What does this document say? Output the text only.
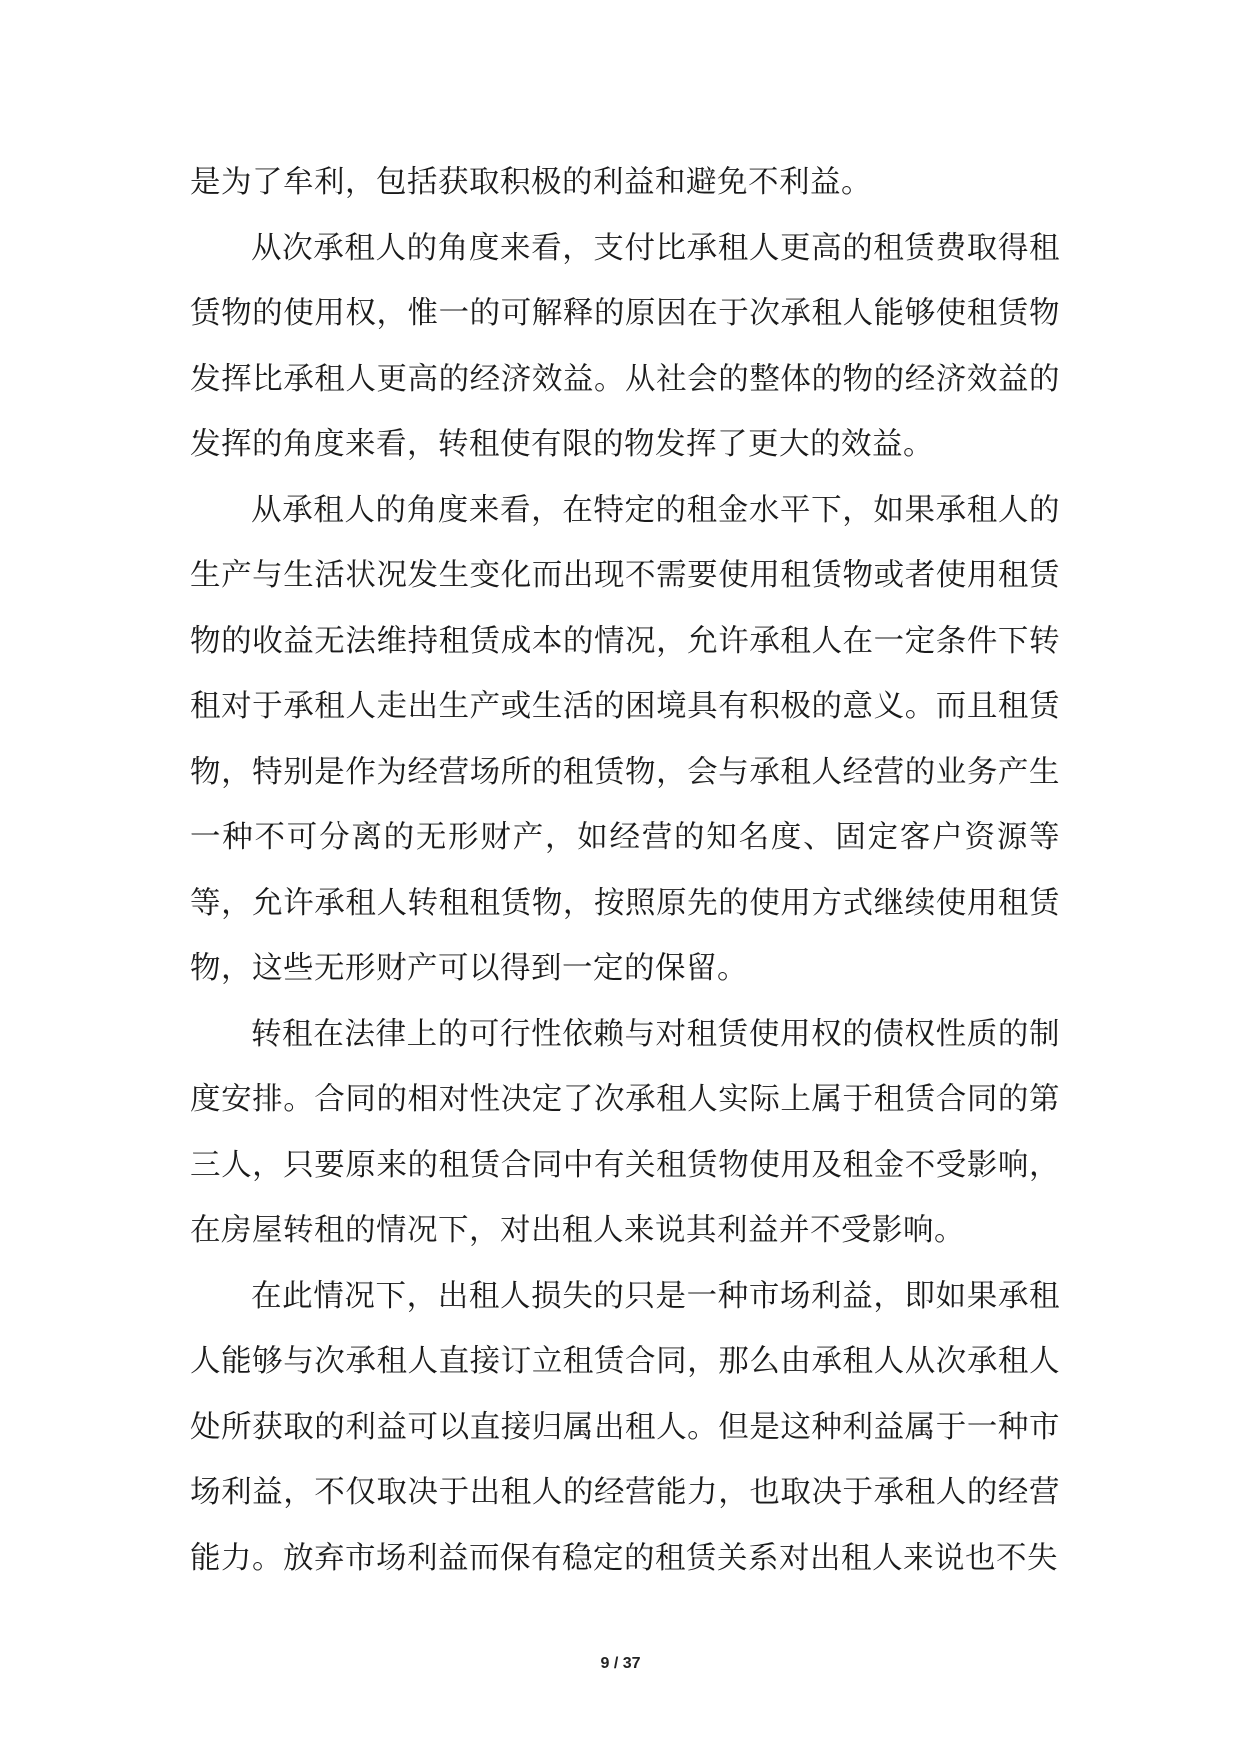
是为了牟利，包括获取积极的利益和避免不利益。

从次承租人的角度来看，支付比承租人更高的租赁费取得租赁物的使用权，惟一的可解释的原因在于次承租人能够使租赁物发挥比承租人更高的经济效益。从社会的整体的物的经济效益的发挥的角度来看，转租使有限的物发挥了更大的效益。

从承租人的角度来看，在特定的租金水平下，如果承租人的生产与生活状况发生变化而出现不需要使用租赁物或者使用租赁物的收益无法维持租赁成本的情况，允许承租人在一定条件下转租对于承租人走出生产或生活的困境具有积极的意义。而且租赁物，特别是作为经营场所的租赁物，会与承租人经营的业务产生一种不可分离的无形财产，如经营的知名度、固定客户资源等等，允许承租人转租租赁物，按照原先的使用方式继续使用租赁物，这些无形财产可以得到一定的保留。

转租在法律上的可行性依赖与对租赁使用权的债权性质的制度安排。合同的相对性决定了次承租人实际上属于租赁合同的第三人，只要原来的租赁合同中有关租赁物使用及租金不受影响，在房屋转租的情况下，对出租人来说其利益并不受影响。

在此情况下，出租人损失的只是一种市场利益，即如果承租人能够与次承租人直接订立租赁合同，那么由承租人从次承租人处所获取的利益可以直接归属出租人。但是这种利益属于一种市场利益，不仅取决于出租人的经营能力，也取决于承租人的经营能力。放弃市场利益而保有稳定的租赁关系对出租人来说也不失

9 / 37
